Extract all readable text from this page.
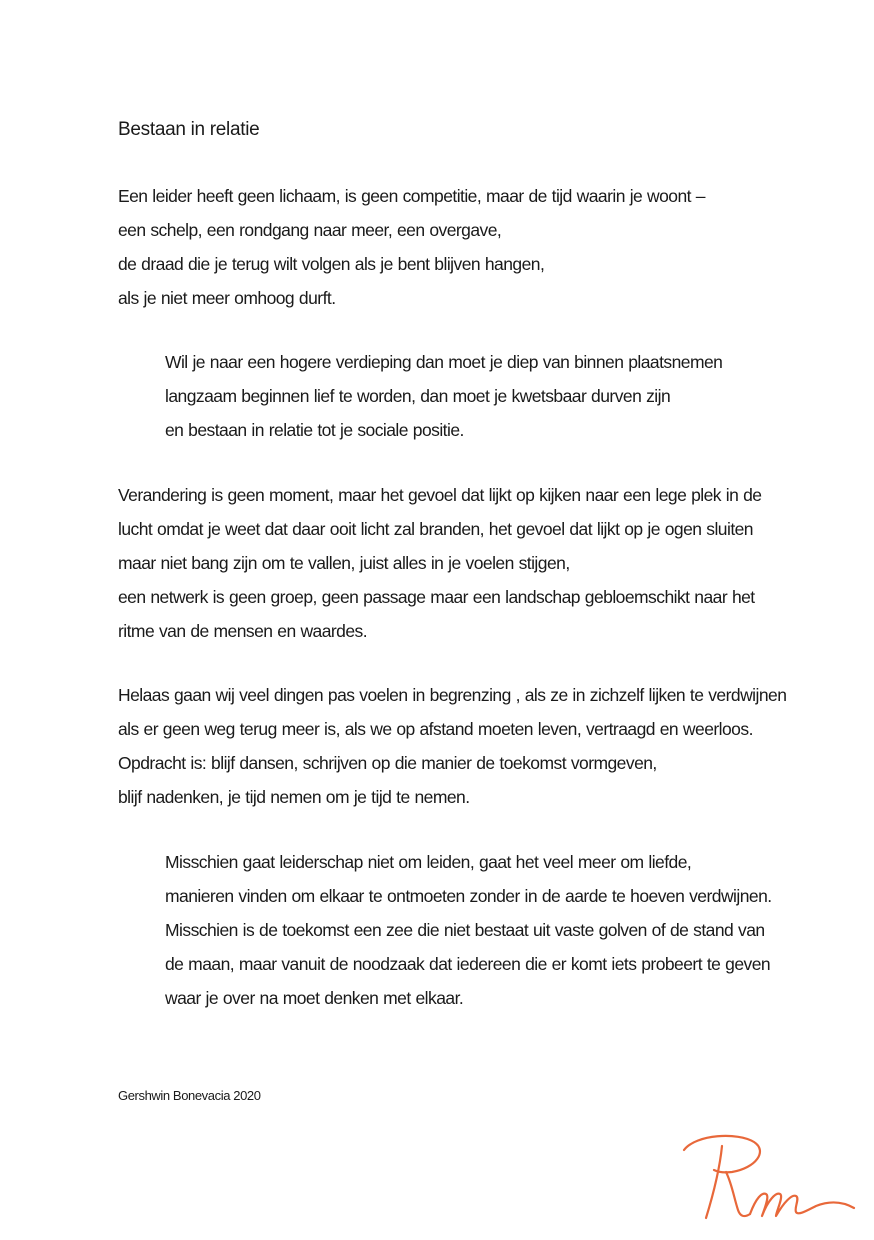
Bestaan in relatie
Een leider heeft geen lichaam, is geen competitie, maar de tijd waarin je woont –
een schelp, een rondgang naar meer, een overgave,
de draad die je terug wilt volgen als je bent blijven hangen,
als je niet meer omhoog durft.
Wil je naar een hogere verdieping dan moet je diep van binnen plaatsnemen
langzaam beginnen lief te worden, dan moet je kwetsbaar durven zijn
en bestaan in relatie tot je sociale positie.
Verandering is geen moment, maar het gevoel dat lijkt op kijken naar een lege plek in de
lucht omdat je weet dat daar ooit licht zal branden, het gevoel dat lijkt op je ogen sluiten
maar niet bang zijn om te vallen, juist alles in je voelen stijgen,
een netwerk is geen groep, geen passage maar een landschap gebloemschikt naar het
ritme van de mensen en waardes.
Helaas gaan wij veel dingen pas voelen in begrenzing , als ze in zichzelf lijken te verdwijnen
als er geen weg terug meer is, als we op afstand moeten leven, vertraagd en weerloos.
Opdracht is: blijf dansen, schrijven op die manier de toekomst vormgeven,
blijf nadenken, je tijd nemen om je tijd te nemen.
Misschien gaat leiderschap niet om leiden, gaat het veel meer om liefde,
manieren vinden om elkaar te ontmoeten zonder in de aarde te hoeven verdwijnen.
Misschien is de toekomst een zee die niet bestaat uit vaste golven of de stand van
de maan, maar vanuit de noodzaak dat iedereen die er komt iets probeert te geven
waar je over na moet denken met elkaar.
Gershwin Bonevacia 2020
